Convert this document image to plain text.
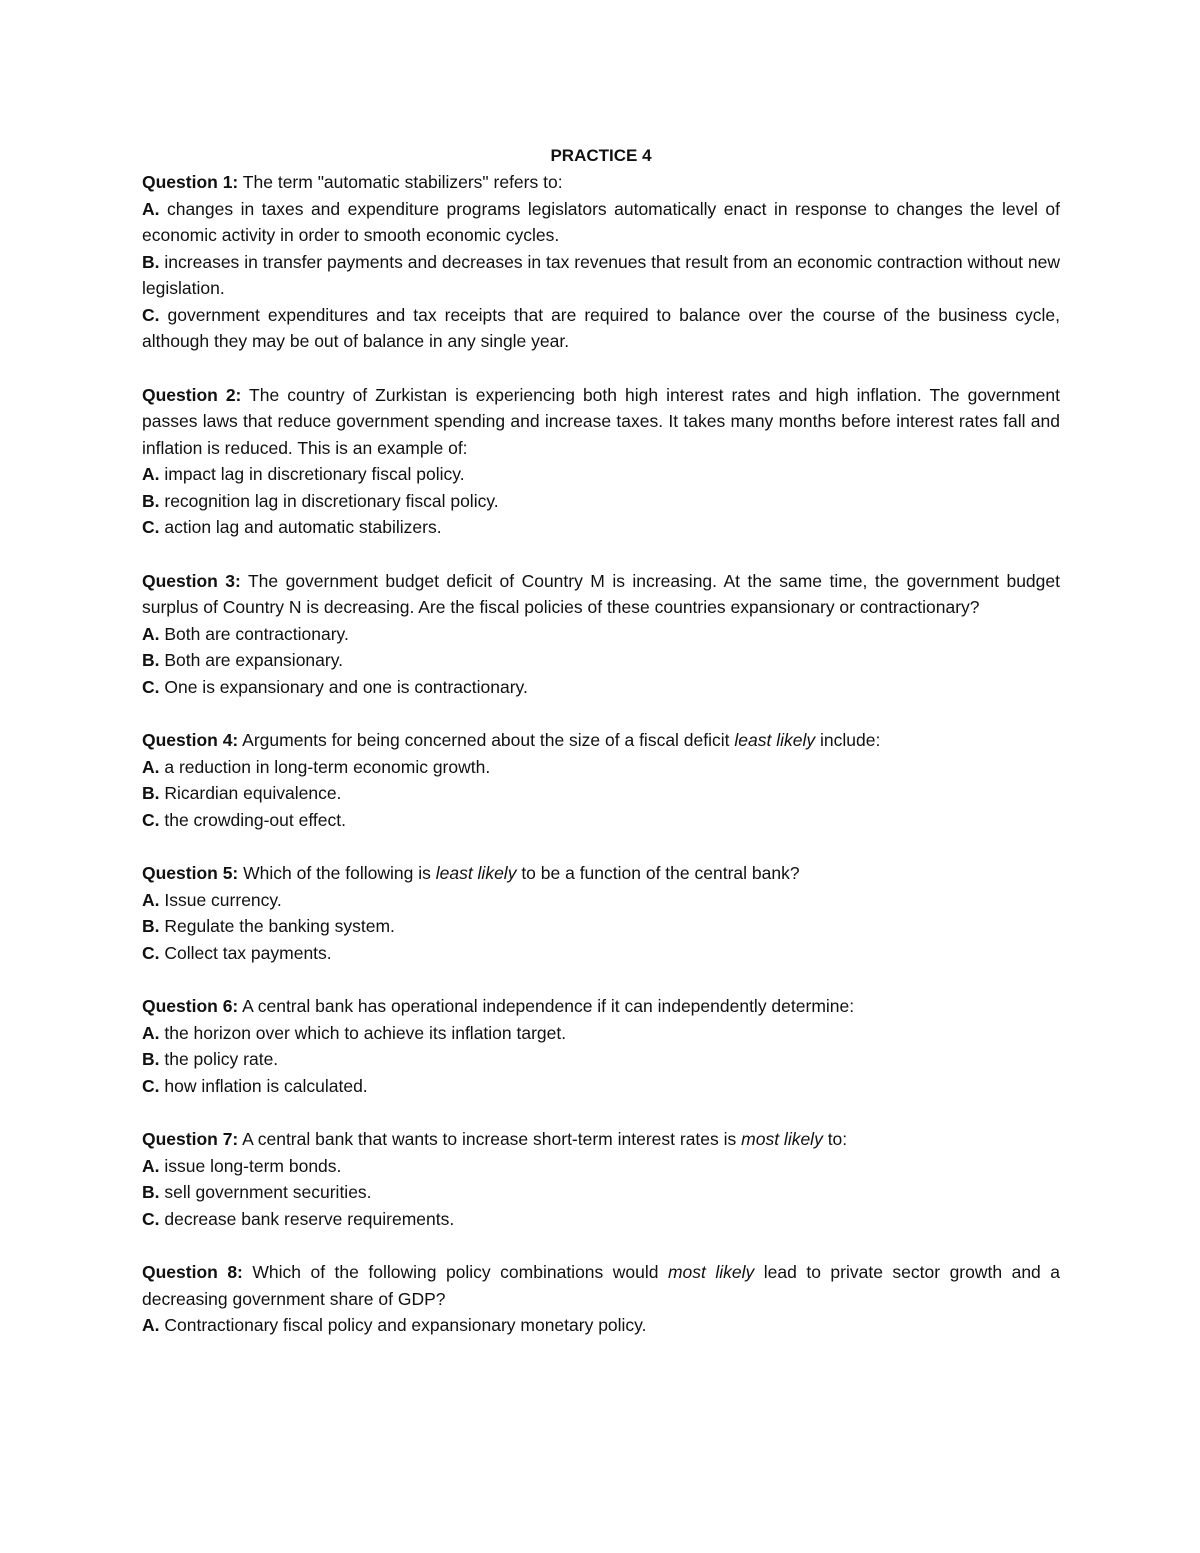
PRACTICE 4

Question 1: The term "automatic stabilizers" refers to:

A. changes in taxes and expenditure programs legislators automatically enact in response to changes the level of economic activity in order to smooth economic cycles.

B. increases in transfer payments and decreases in tax revenues that result from an economic contraction without new legislation.

C. government expenditures and tax receipts that are required to balance over the course of the business cycle, although they may be out of balance in any single year.

Question 2: The country of Zurkistan is experiencing both high interest rates and high inflation. The government passes laws that reduce government spending and increase taxes. It takes many months before interest rates fall and inflation is reduced. This is an example of:

A. impact lag in discretionary fiscal policy.

B. recognition lag in discretionary fiscal policy.

C. action lag and automatic stabilizers.

Question 3: The government budget deficit of Country M is increasing. At the same time, the government budget surplus of Country N is decreasing. Are the fiscal policies of these countries expansionary or contractionary?

A. Both are contractionary.

B. Both are expansionary.

C. One is expansionary and one is contractionary.

Question 4: Arguments for being concerned about the size of a fiscal deficit least likely include:

A. a reduction in long-term economic growth.

B. Ricardian equivalence.

C. the crowding-out effect.

Question 5: Which of the following is least likely to be a function of the central bank?

A. Issue currency.

B. Regulate the banking system.

C. Collect tax payments.

Question 6: A central bank has operational independence if it can independently determine:

A. the horizon over which to achieve its inflation target.

B. the policy rate.

C. how inflation is calculated.

Question 7: A central bank that wants to increase short-term interest rates is most likely to:

A. issue long-term bonds.

B. sell government securities.

C. decrease bank reserve requirements.

Question 8: Which of the following policy combinations would most likely lead to private sector growth and a decreasing government share of GDP?

A. Contractionary fiscal policy and expansionary monetary policy.
